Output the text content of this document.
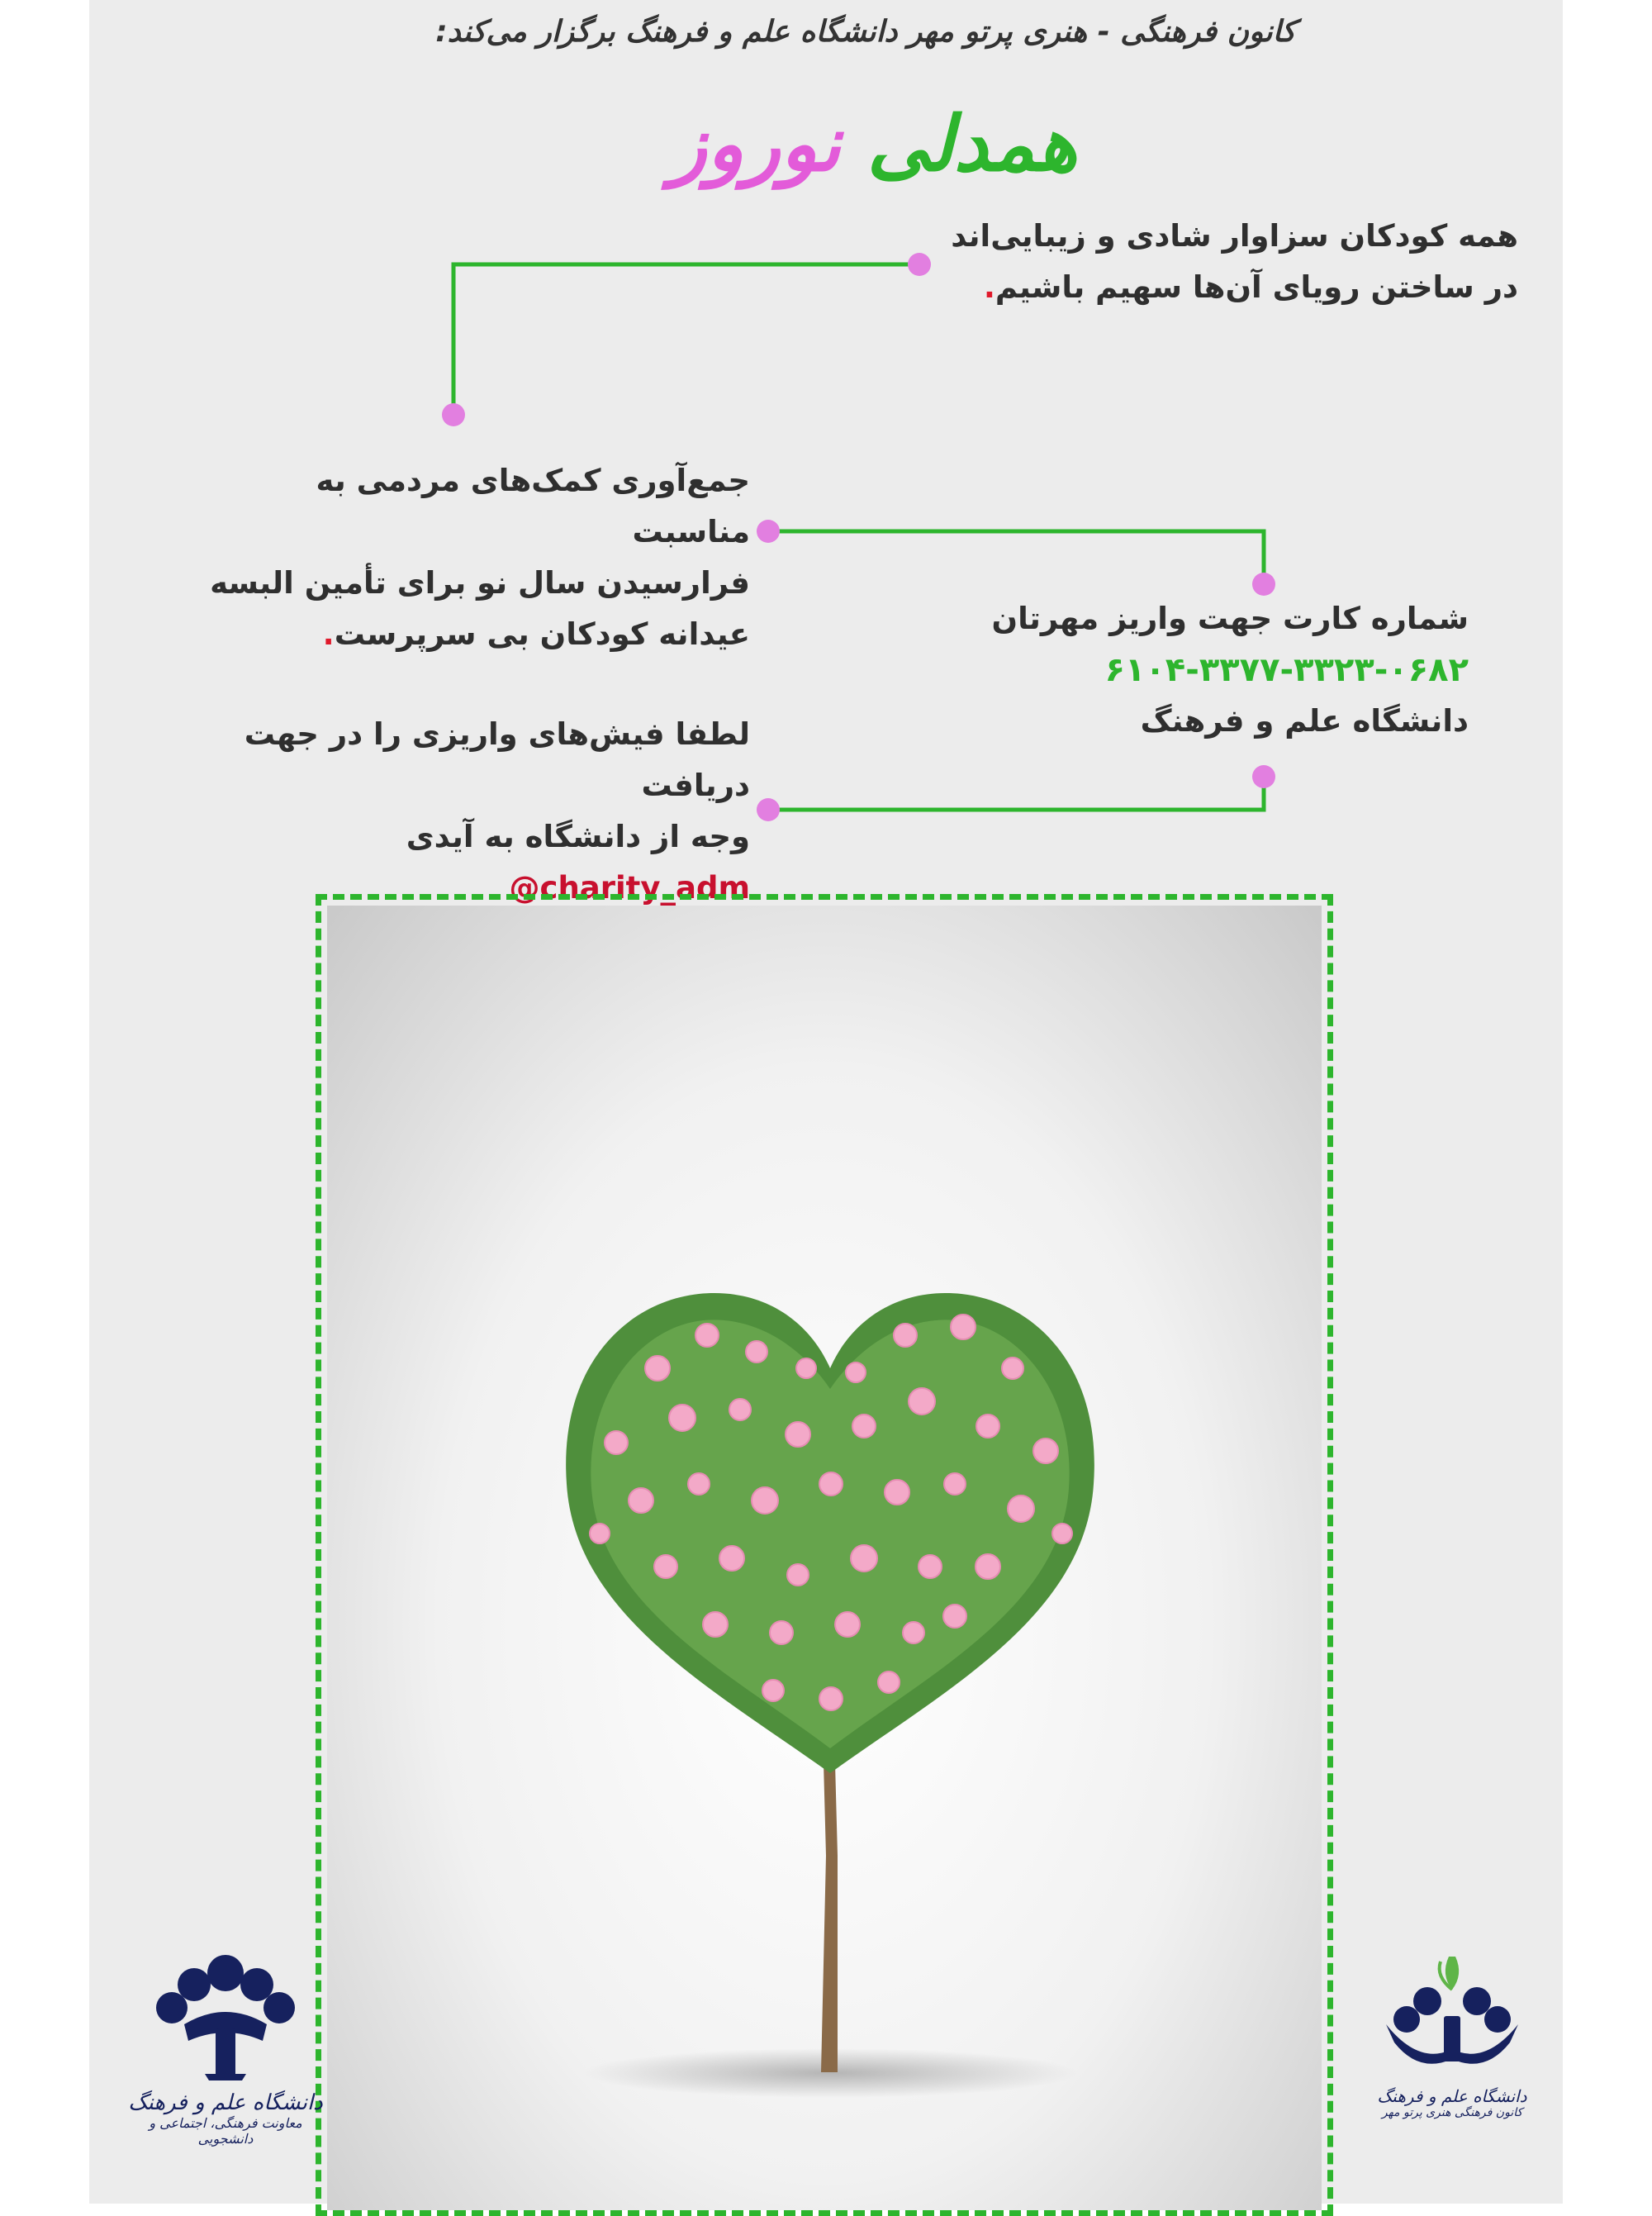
کانون فرهنگی - هنری پرتو مهر دانشگاه علم و فرهنگ برگزار می‌کند:
همدلی نوروز
همه کودکان سزاوار شادی و زیبایی‌اند
در ساختن رویای آن‌ها سهیم باشیم.
جمع‌آوری کمک‌های مردمی به مناسبت
فرارسیدن سال نو برای تأمین البسه
عیدانه کودکان بی سرپرست.	شماره کارت جهت واریز مهرتان
۶۱۰۴-۳۳۷۷-۳۳۲۳-۰۶۸۲
دانشگاه علم و فرهنگ
لطفا فیش‌های واریزی را در جهت دریافت
وجه از دانشگاه به آیدی @charity_adm
دانشگاه علم و فرهنگ
معاونت فرهنگی، اجتماعی و دانشجویی
دانشگاه علم و فرهنگ
کانون فرهنگی هنری پرتو مهر
